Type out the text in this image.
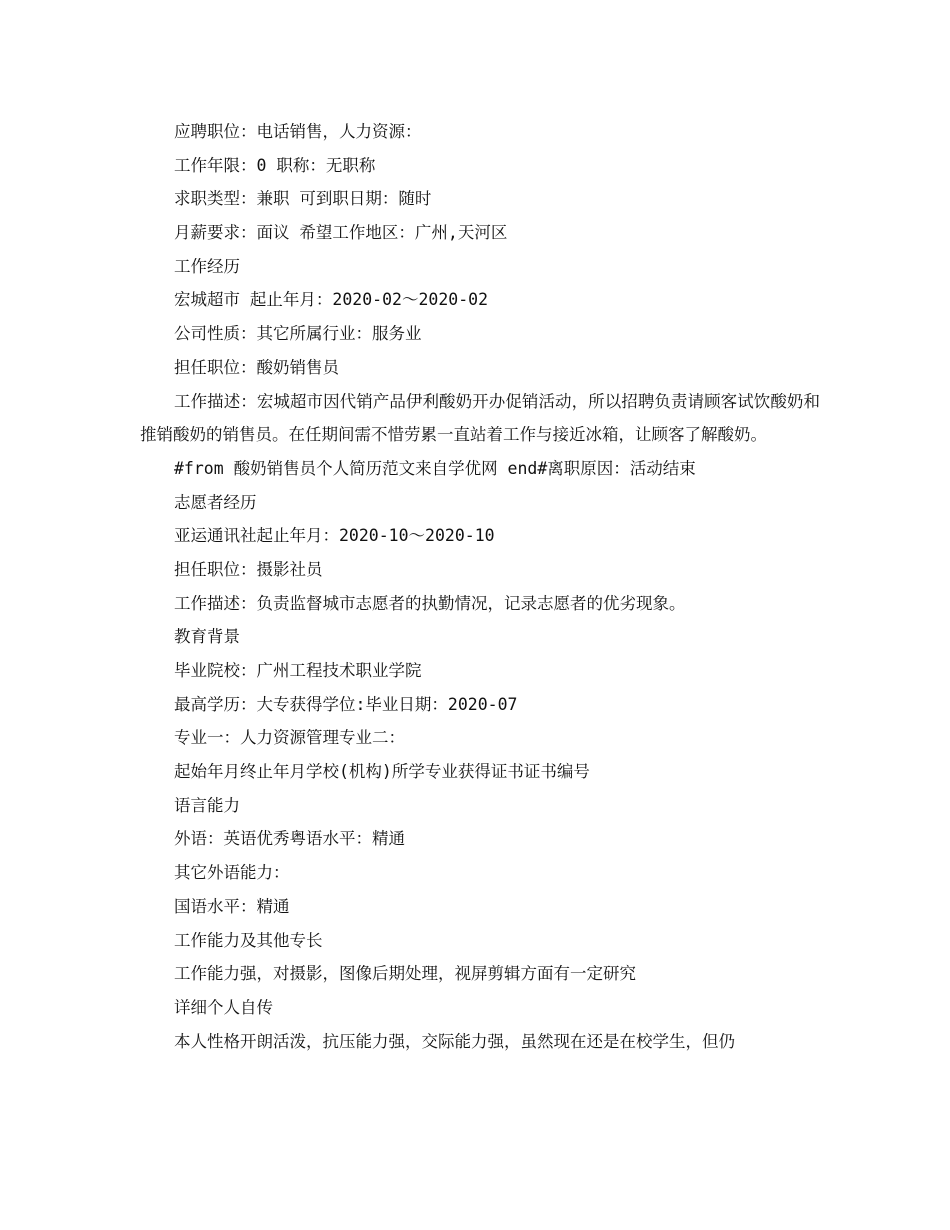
应聘职位：电话销售，人力资源：
工作年限：0 职称：无职称
求职类型：兼职 可到职日期：随时
月薪要求：面议 希望工作地区：广州,天河区
工作经历
宏城超市 起止年月：2020-02～2020-02
公司性质：其它所属行业：服务业
担任职位：酸奶销售员
工作描述：宏城超市因代销产品伊利酸奶开办促销活动，所以招聘负责请顾客试饮酸奶和推销酸奶的销售员。在任期间需不惜劳累一直站着工作与接近冰箱，让顾客了解酸奶。
#from 酸奶销售员个人简历范文来自学优网 end#离职原因：活动结束
志愿者经历
亚运通讯社起止年月：2020-10～2020-10
担任职位：摄影社员
工作描述：负责监督城市志愿者的执勤情况，记录志愿者的优劣现象。
教育背景
毕业院校：广州工程技术职业学院
最高学历：大专获得学位:毕业日期：2020-07
专业一：人力资源管理专业二：
起始年月终止年月学校(机构)所学专业获得证书证书编号
语言能力
外语：英语优秀粤语水平：精通
其它外语能力：
国语水平：精通
工作能力及其他专长
工作能力强，对摄影，图像后期处理，视屏剪辑方面有一定研究
详细个人自传
本人性格开朗活泼，抗压能力强，交际能力强，虽然现在还是在校学生，但仍
